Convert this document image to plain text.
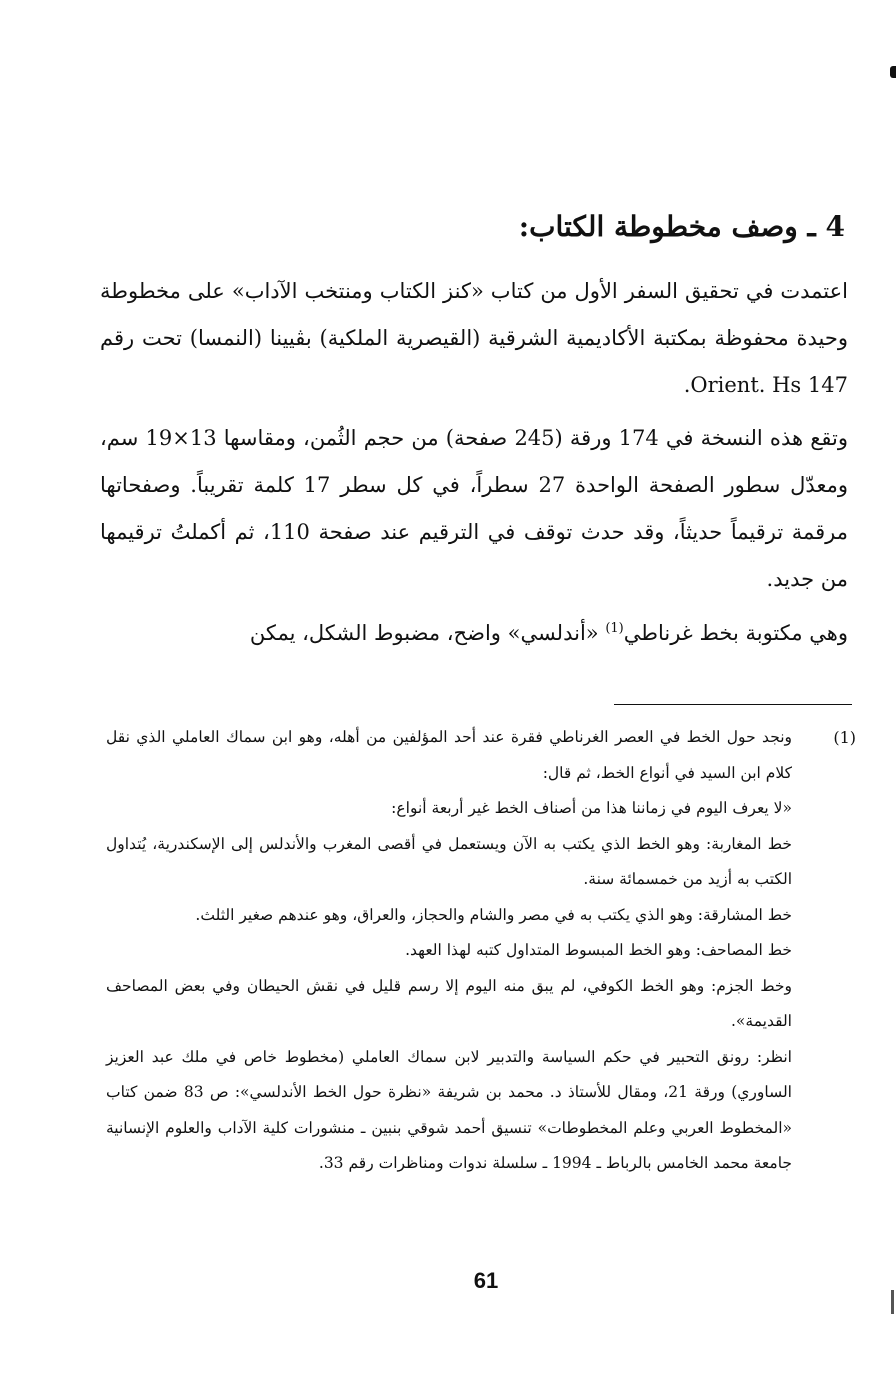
4 ـ وصف مخطوطة الكتاب:

اعتمدت في تحقيق السفر الأول من كتاب «كنز الكتاب ومنتخب الآداب» على مخطوطة وحيدة محفوظة بمكتبة الأكاديمية الشرقية (القيصرية الملكية) بڤيينا (النمسا) تحت رقم 147 Orient. Hs.

وتقع هذه النسخة في 174 ورقة (245 صفحة) من حجم الثُمن، ومقاسها 13×19 سم، ومعدّل سطور الصفحة الواحدة 27 سطراً، في كل سطر 17 كلمة تقريباً. وصفحاتها مرقمة ترقيماً حديثاً، وقد حدث توقف في الترقيم عند صفحة 110، ثم أكملتُ ترقيمها من جديد.

وهي مكتوبة بخط غرناطي$^{(1)}$ «أندلسي» واضح، مضبوط الشكل، يمكن

(1)

ونجد حول الخط في العصر الغرناطي فقرة عند أحد المؤلفين من أهله، وهو ابن سماك العاملي الذي نقل كلام ابن السيد في أنواع الخط، ثم قال:

«لا يعرف اليوم في زماننا هذا من أصناف الخط غير أربعة أنواع:

خط المغاربة: وهو الخط الذي يكتب به الآن ويستعمل في أقصى المغرب والأندلس إلى الإسكندرية، يُتداول الكتب به أزيد من خمسمائة سنة.

خط المشارقة: وهو الذي يكتب به في مصر والشام والحجاز، والعراق، وهو عندهم صغير الثلث.

خط المصاحف: وهو الخط المبسوط المتداول كتبه لهذا العهد.

وخط الجزم: وهو الخط الكوفي، لم يبق منه اليوم إلا رسم قليل في نقش الحيطان وفي بعض المصاحف القديمة».

انظر: رونق التحبير في حكم السياسة والتدبير لابن سماك العاملي (مخطوط خاص في ملك عبد العزيز الساوري) ورقة 21، ومقال للأستاذ د. محمد بن شريفة «نظرة حول الخط الأندلسي»: ص 83 ضمن كتاب «المخطوط العربي وعلم المخطوطات» تنسيق أحمد شوقي بنبين ـ منشورات كلية الآداب والعلوم الإنسانية جامعة محمد الخامس بالرباط ـ 1994 ـ سلسلة ندوات ومناظرات رقم 33.

61
